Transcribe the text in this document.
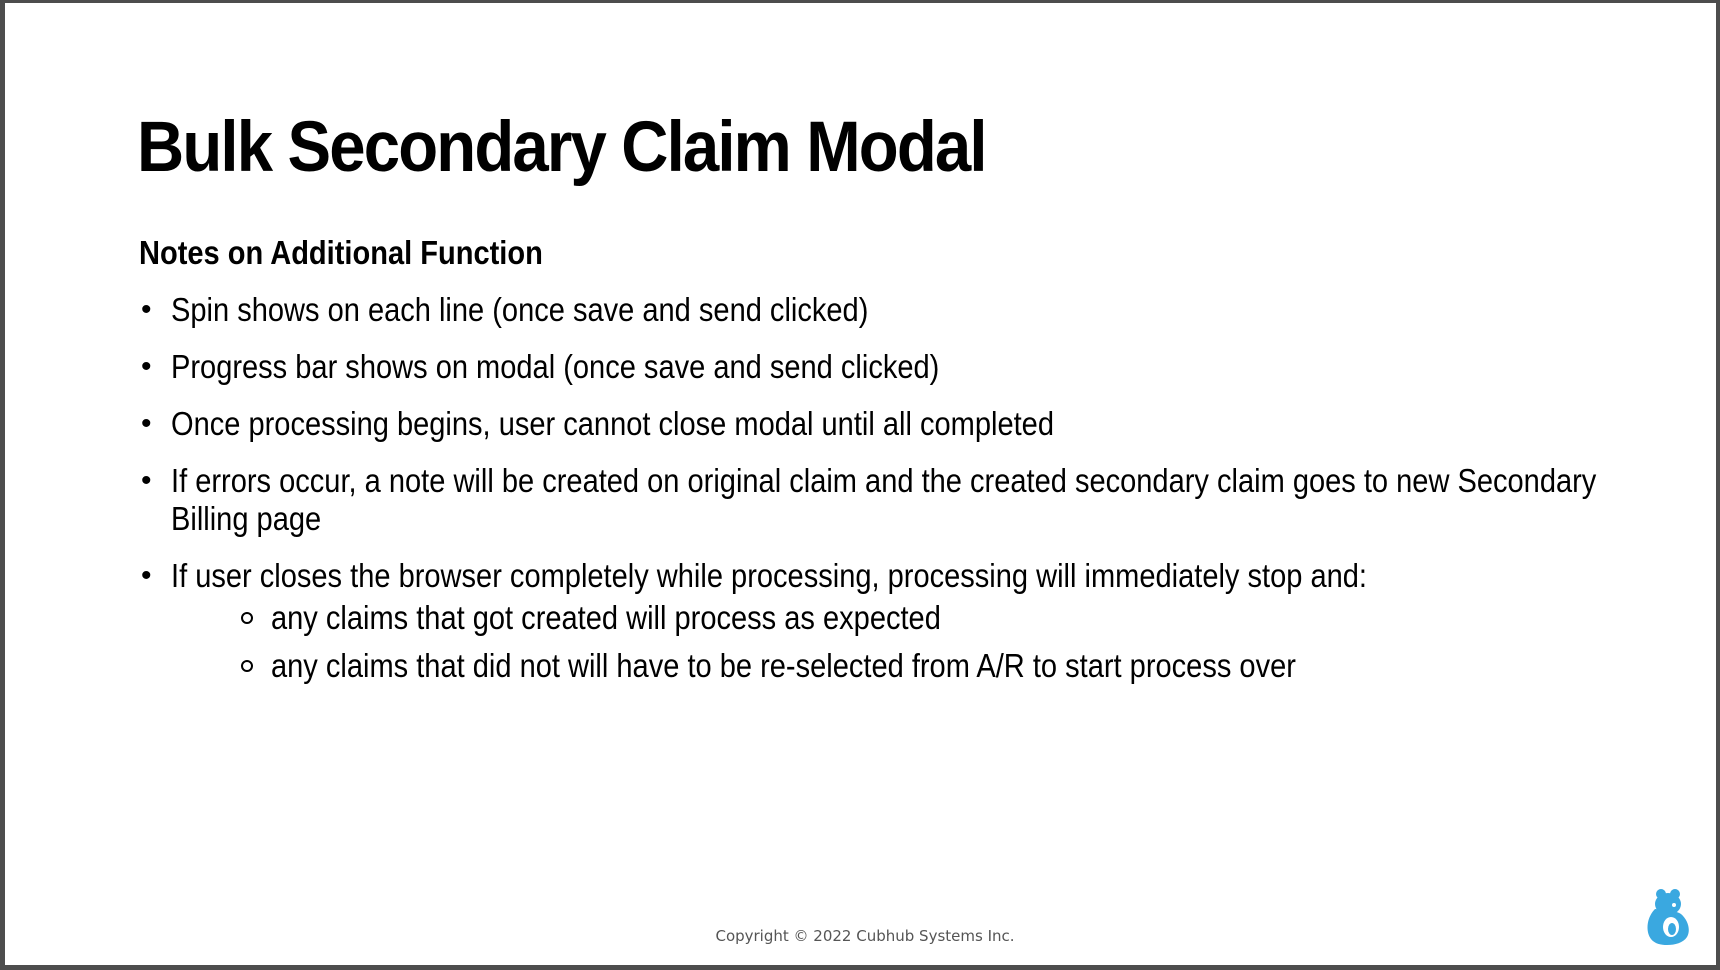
Bulk Secondary Claim Modal
Notes on Additional Function
• Spin shows on each line (once save and send clicked)
• Progress bar shows on modal (once save and send clicked)
• Once processing begins, user cannot close modal until all completed
• If errors occur, a note will be created on original claim and the created secondary claim goes to new Secondary Billing page
• If user closes the browser completely while processing, processing will immediately stop and:
any claims that got created will process as expected
any claims that did not will have to be re-selected from A/R to start process over
Copyright © 2022 Cubhub Systems Inc.
